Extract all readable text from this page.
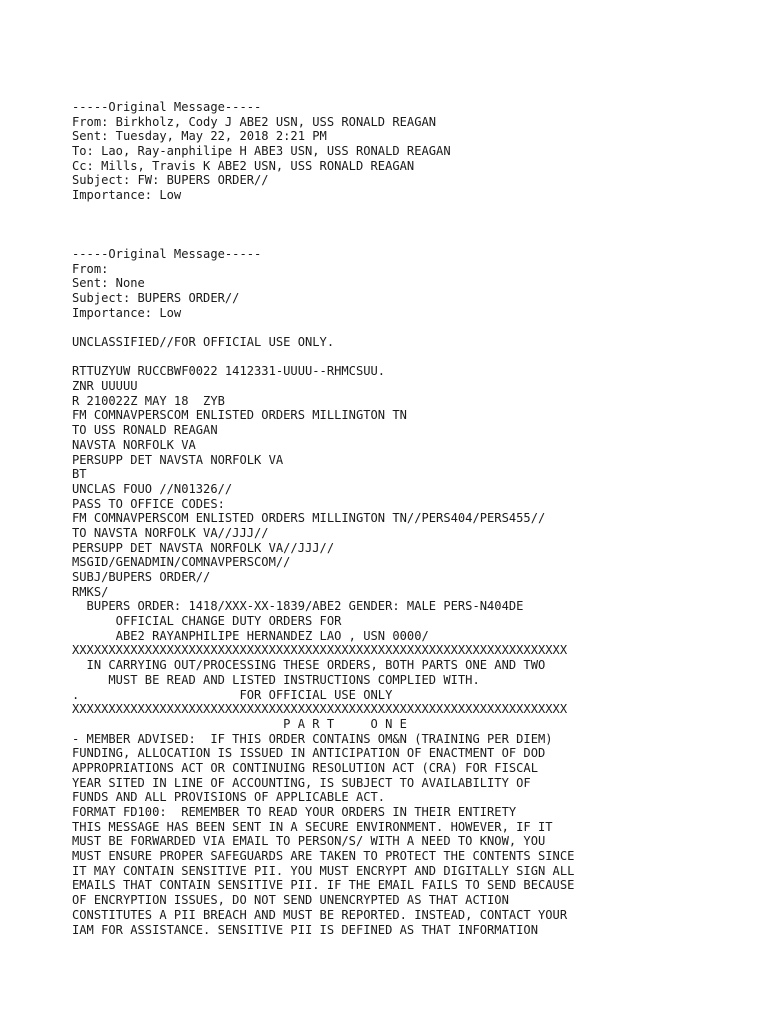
-----Original Message-----
From: Birkholz, Cody J ABE2 USN, USS RONALD REAGAN
Sent: Tuesday, May 22, 2018 2:21 PM
To: Lao, Ray-anphilipe H ABE3 USN, USS RONALD REAGAN
Cc: Mills, Travis K ABE2 USN, USS RONALD REAGAN
Subject: FW: BUPERS ORDER//
Importance: Low
-----Original Message-----
From:
Sent: None
Subject: BUPERS ORDER//
Importance: Low
UNCLASSIFIED//FOR OFFICIAL USE ONLY.
RTTUZYUW RUCCBWF0022 1412331-UUUU--RHMCSUU.
ZNR UUUUU
R 210022Z MAY 18  ZYB
FM COMNAVPERSCOM ENLISTED ORDERS MILLINGTON TN
TO USS RONALD REAGAN
NAVSTA NORFOLK VA
PERSUPP DET NAVSTA NORFOLK VA
BT
UNCLAS FOUO //N01326//
PASS TO OFFICE CODES:
FM COMNAVPERSCOM ENLISTED ORDERS MILLINGTON TN//PERS404/PERS455//
TO NAVSTA NORFOLK VA//JJJ//
PERSUPP DET NAVSTA NORFOLK VA//JJJ//
MSGID/GENADMIN/COMNAVPERSCOM//
SUBJ/BUPERS ORDER//
RMKS/
BUPERS ORDER: 1418/XXX-XX-1839/ABE2 GENDER: MALE PERS-N404DE
OFFICIAL CHANGE DUTY ORDERS FOR
ABE2 RAYANPHILIPE HERNANDEZ LAO , USN 0000/
XXXXXXXXXXXXXXXXXXXXXXXXXXXXXXXXXXXXXXXXXXXXXXXXXXXXXXXXXXXXXXXXXXXX
IN CARRYING OUT/PROCESSING THESE ORDERS, BOTH PARTS ONE AND TWO
MUST BE READ AND LISTED INSTRUCTIONS COMPLIED WITH.
.                      FOR OFFICIAL USE ONLY
XXXXXXXXXXXXXXXXXXXXXXXXXXXXXXXXXXXXXXXXXXXXXXXXXXXXXXXXXXXXXXXXXXXX
P A R T     O N E
- MEMBER ADVISED:  IF THIS ORDER CONTAINS OM&N (TRAINING PER DIEM)
FUNDING, ALLOCATION IS ISSUED IN ANTICIPATION OF ENACTMENT OF DOD
APPROPRIATIONS ACT OR CONTINUING RESOLUTION ACT (CRA) FOR FISCAL
YEAR SITED IN LINE OF ACCOUNTING, IS SUBJECT TO AVAILABILITY OF
FUNDS AND ALL PROVISIONS OF APPLICABLE ACT.
FORMAT FD100:  REMEMBER TO READ YOUR ORDERS IN THEIR ENTIRETY
THIS MESSAGE HAS BEEN SENT IN A SECURE ENVIRONMENT. HOWEVER, IF IT
MUST BE FORWARDED VIA EMAIL TO PERSON/S/ WITH A NEED TO KNOW, YOU
MUST ENSURE PROPER SAFEGUARDS ARE TAKEN TO PROTECT THE CONTENTS SINCE
IT MAY CONTAIN SENSITIVE PII. YOU MUST ENCRYPT AND DIGITALLY SIGN ALL
EMAILS THAT CONTAIN SENSITIVE PII. IF THE EMAIL FAILS TO SEND BECAUSE
OF ENCRYPTION ISSUES, DO NOT SEND UNENCRYPTED AS THAT ACTION
CONSTITUTES A PII BREACH AND MUST BE REPORTED. INSTEAD, CONTACT YOUR
IAM FOR ASSISTANCE. SENSITIVE PII IS DEFINED AS THAT INFORMATION
